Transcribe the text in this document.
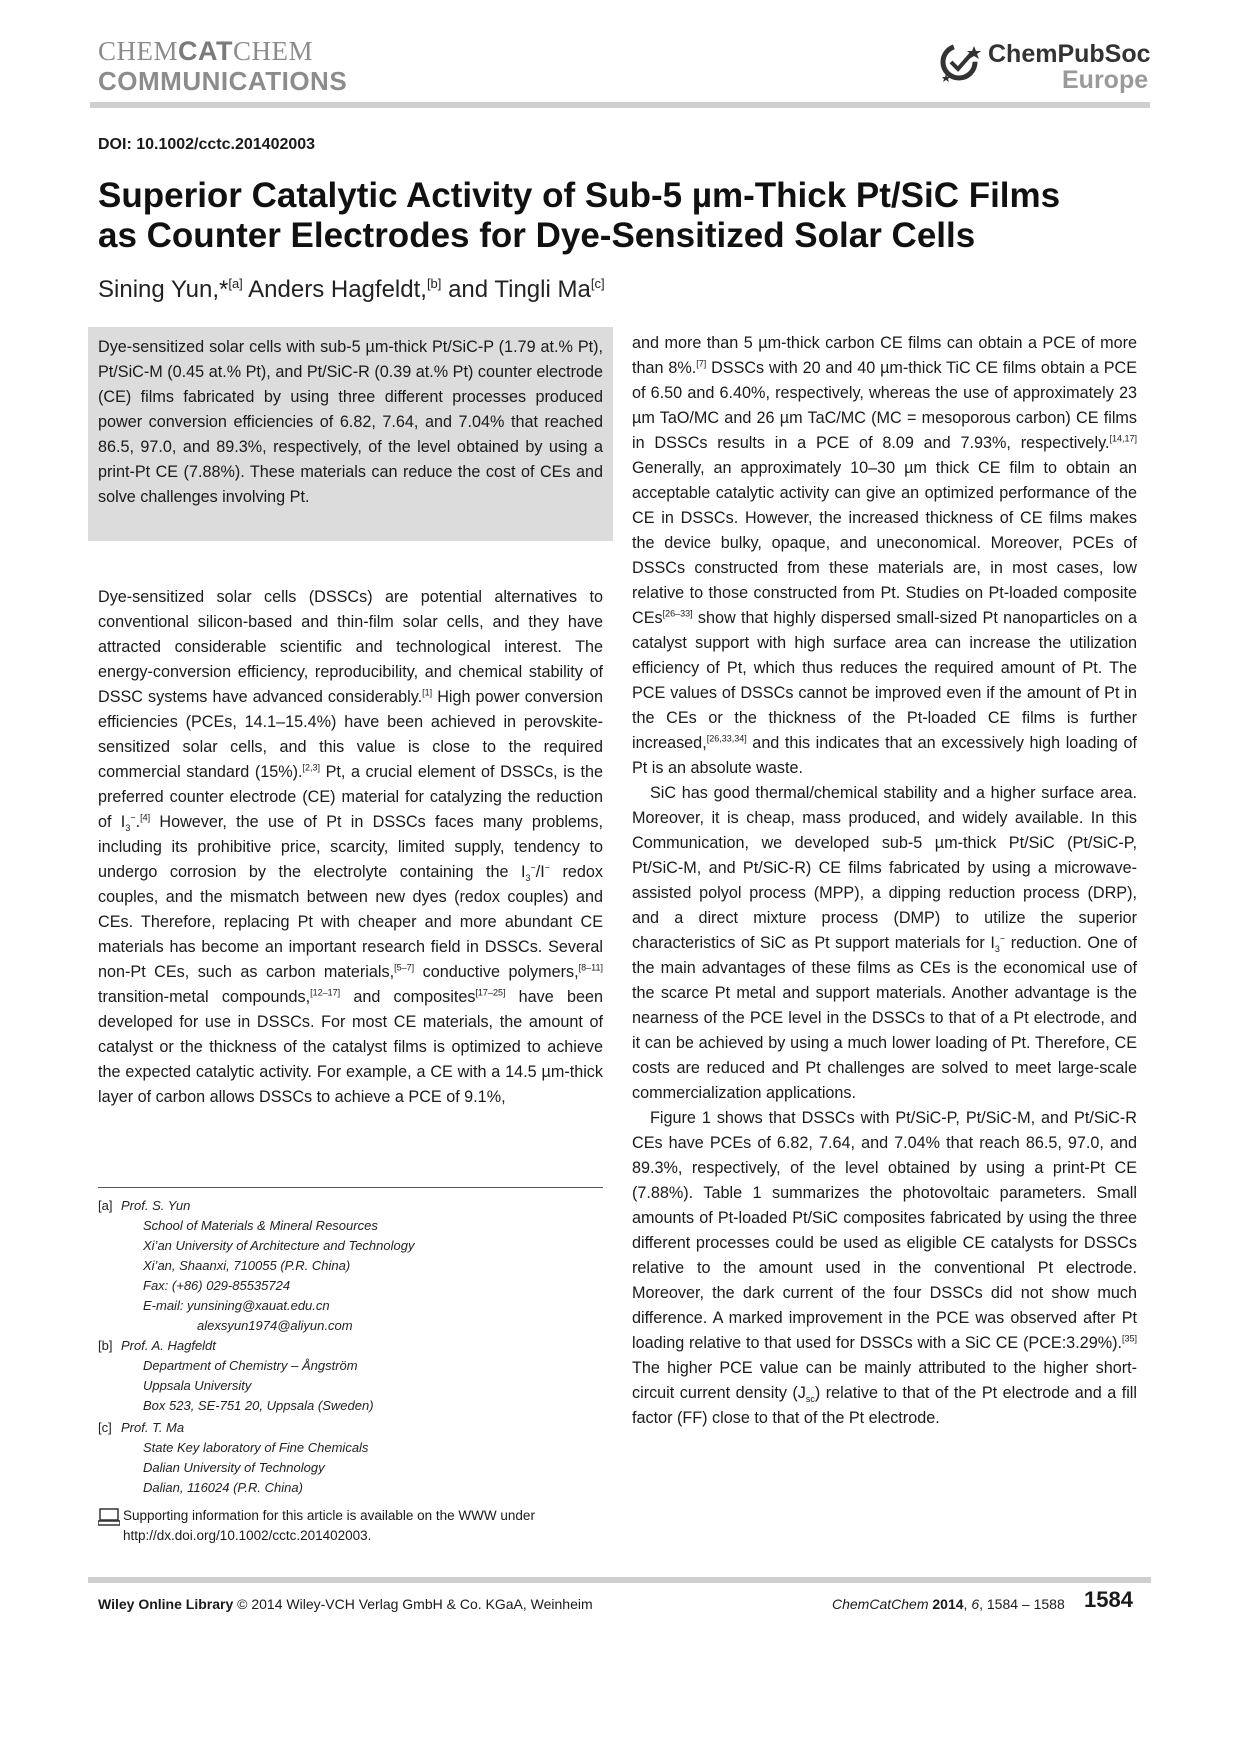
CHEMCATCHEM
COMMUNICATIONS
ChemPubSoc
Europe
DOI: 10.1002/cctc.201402003
Superior Catalytic Activity of Sub-5 µm-Thick Pt/SiC Films
as Counter Electrodes for Dye-Sensitized Solar Cells
Sining Yun,*[a] Anders Hagfeldt,[b] and Tingli Ma[c]
Dye-sensitized solar cells with sub-5 µm-thick Pt/SiC-P (1.79 at.% Pt), Pt/SiC-M (0.45 at.% Pt), and Pt/SiC-R (0.39 at.% Pt) counter electrode (CE) films fabricated by using three different processes produced power conversion efficiencies of 6.82, 7.64, and 7.04% that reached 86.5, 97.0, and 89.3%, respectively, of the level obtained by using a print-Pt CE (7.88%). These materials can reduce the cost of CEs and solve challenges involving Pt.

Dye-sensitized solar cells (DSSCs) are potential alternatives to conventional silicon-based and thin-film solar cells, and they have attracted considerable scientific and technological interest. The energy-conversion efficiency, reproducibility, and chemical stability of DSSC systems have advanced considerably.[1] High power conversion efficiencies (PCEs, 14.1–15.4%) have been achieved in perovskite-sensitized solar cells, and this value is close to the required commercial standard (15%).[2,3] Pt, a crucial element of DSSCs, is the preferred counter electrode (CE) material for catalyzing the reduction of $I_3^-.[4]$ However, the use of Pt in DSSCs faces many problems, including its prohibitive price, scarcity, limited supply, tendency to undergo corrosion by the electrolyte containing the $I_3^-/I^-$ redox couples, and the mismatch between new dyes (redox couples) and CEs. Therefore, replacing Pt with cheaper and more abundant CE materials has become an important research field in DSSCs. Several non-Pt CEs, such as carbon materials,[5–7] conductive polymers,[8–11] transition-metal compounds,[12–17] and composites[17–25] have been developed for use in DSSCs. For most CE materials, the amount of catalyst or the thickness of the catalyst films is optimized to achieve the expected catalytic activity. For example, a CE with a 14.5 µm-thick layer of carbon allows DSSCs to achieve a PCE of 9.1%,

and more than 5 µm-thick carbon CE films can obtain a PCE of more than 8%.[7] DSSCs with 20 and 40 µm-thick TiC CE films obtain a PCE of 6.50 and 6.40%, respectively, whereas the use of approximately 23 µm TaO/MC and 26 µm TaC/MC (MC = mesoporous carbon) CE films in DSSCs results in a PCE of 8.09 and 7.93%, respectively.[14,17] Generally, an approximately 10–30 µm thick CE film to obtain an acceptable catalytic activity can give an optimized performance of the CE in DSSCs. However, the increased thickness of CE films makes the device bulky, opaque, and uneconomical. Moreover, PCEs of DSSCs constructed from these materials are, in most cases, low relative to those constructed from Pt. Studies on Pt-loaded composite CEs[26–33] show that highly dispersed small-sized Pt nanoparticles on a catalyst support with high surface area can increase the utilization efficiency of Pt, which thus reduces the required amount of Pt. The PCE values of DSSCs cannot be improved even if the amount of Pt in the CEs or the thickness of the Pt-loaded CE films is further increased,[26,33,34] and this indicates that an excessively high loading of Pt is an absolute waste.

SiC has good thermal/chemical stability and a higher surface area. Moreover, it is cheap, mass produced, and widely available. In this Communication, we developed sub-5 µm-thick Pt/SiC (Pt/SiC-P, Pt/SiC-M, and Pt/SiC-R) CE films fabricated by using a microwave-assisted polyol process (MPP), a dipping reduction process (DRP), and a direct mixture process (DMP) to utilize the superior characteristics of SiC as Pt support materials for $I_3^-$ reduction. One of the main advantages of these films as CEs is the economical use of the scarce Pt metal and support materials. Another advantage is the nearness of the PCE level in the DSSCs to that of a Pt electrode, and it can be achieved by using a much lower loading of Pt. Therefore, CE costs are reduced and Pt challenges are solved to meet large-scale commercialization applications.

Figure 1 shows that DSSCs with Pt/SiC-P, Pt/SiC-M, and Pt/SiC-R CEs have PCEs of 6.82, 7.64, and 7.04% that reach 86.5, 97.0, and 89.3%, respectively, of the level obtained by using a print-Pt CE (7.88%). Table 1 summarizes the photovoltaic parameters. Small amounts of Pt-loaded Pt/SiC composites fabricated by using the three different processes could be used as eligible CE catalysts for DSSCs relative to the amount used in the conventional Pt electrode. Moreover, the dark current of the four DSSCs did not show much difference. A marked improvement in the PCE was observed after Pt loading relative to that used for DSSCs with a SiC CE (PCE:3.29%).[35] The higher PCE value can be mainly attributed to the higher short-circuit current density $(J_{sc})$ relative to that of the Pt electrode and a fill factor (FF) close to that of the Pt electrode.

[a] Prof. S. Yun
School of Materials & Mineral Resources
Xi’an University of Architecture and Technology
Xi’an, Shaanxi, 710055 (P.R. China)
Fax: (+86) 029-85535724
E-mail: yunsining@xauat.edu.cn
alexsyun1974@aliyun.com
[b] Prof. A. Hagfeldt
Department of Chemistry – Ångström
Uppsala University
Box 523, SE-751 20, Uppsala (Sweden)
[c] Prof. T. Ma
State Key laboratory of Fine Chemicals
Dalian University of Technology
Dalian, 116024 (P.R. China)
Supporting information for this article is available on the WWW under
http://dx.doi.org/10.1002/cctc.201402003.
Wiley Online Library © 2014 Wiley-VCH Verlag GmbH & Co. KGaA, Weinheim	ChemCatChem 2014, 6, 1584 – 1588 1584
